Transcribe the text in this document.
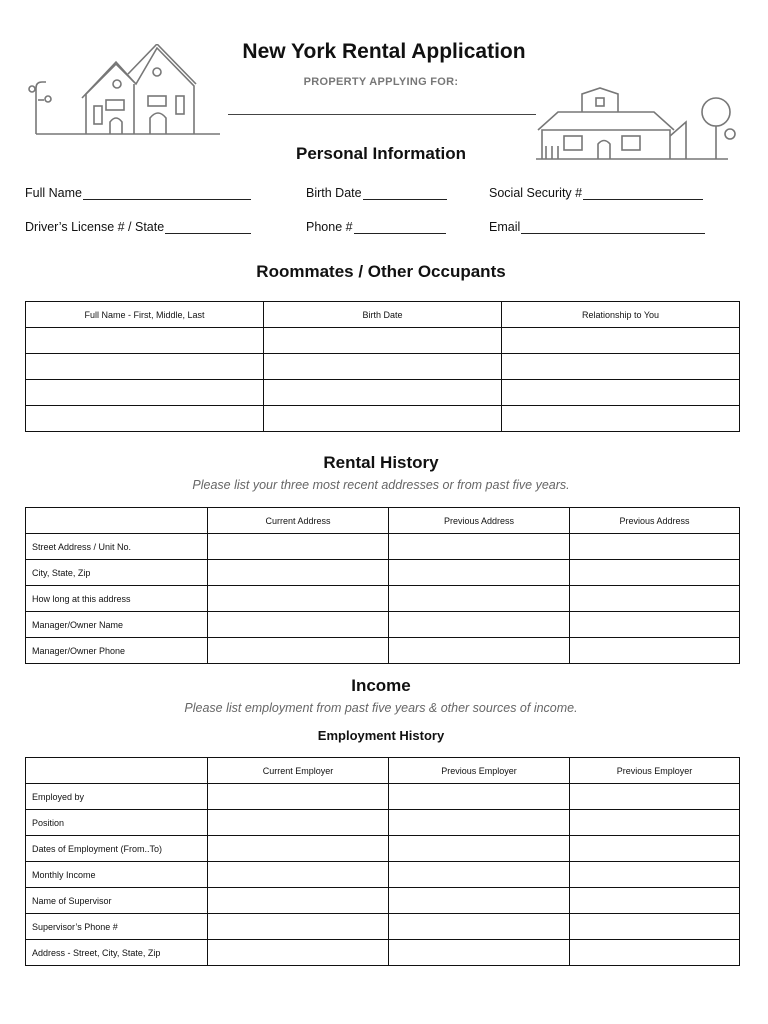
New York Rental Application
PROPERTY APPLYING FOR:
Personal Information
Full Name	Birth Date	Social Security #
Driver’s License # / State	Phone #	Email
Roommates / Other Occupants
Full Name - First, Middle, Last	Birth Date	Relationship to You

Rental History
Please list your three most recent addresses or from past five years.
	Current Address	Previous Address	Previous Address
Street Address / Unit No.			
City, State, Zip			
How long at this address			
Manager/Owner Name			
Manager/Owner Phone			
Income
Please list employment from past five years & other sources of income.
Employment History
	Current Employer	Previous Employer	Previous Employer
Employed by			
Position			
Dates of Employment (From..To)			
Monthly Income			
Name of Supervisor			
Supervisor’s Phone #			
Address - Street, City, State, Zip			
